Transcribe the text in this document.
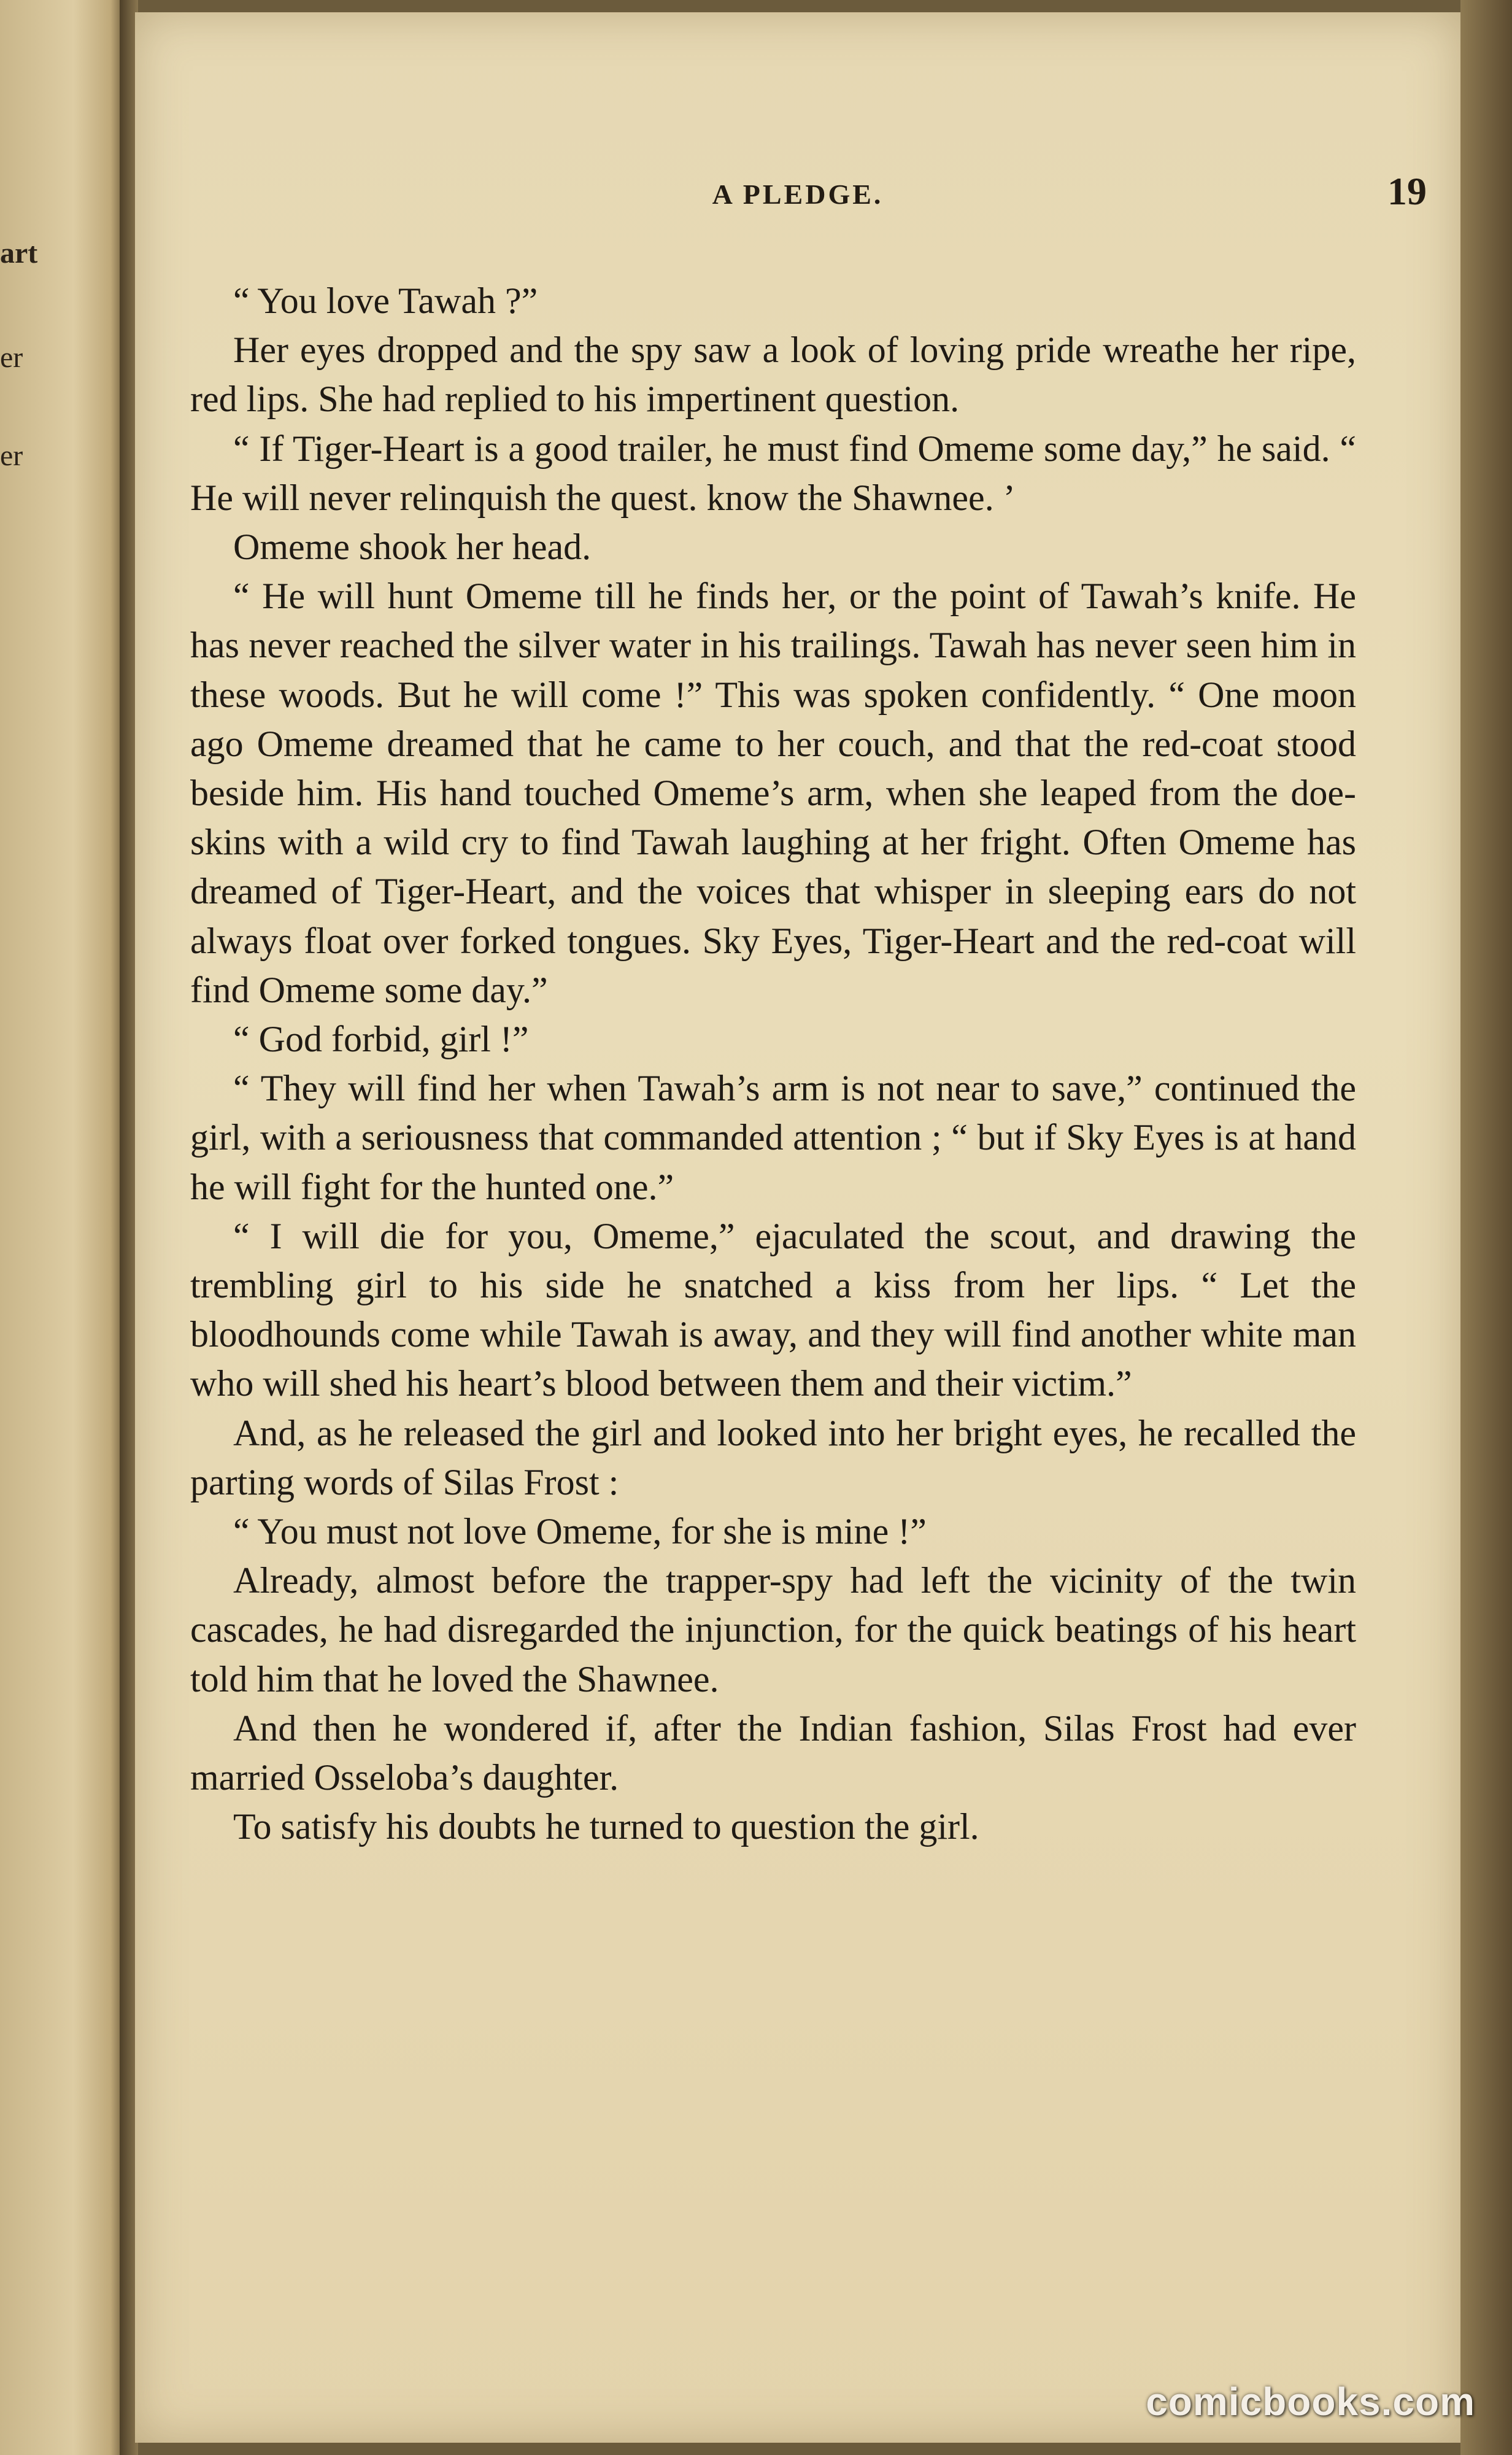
art
er
er
A PLEDGE.	19

“ You love Tawah ?”

Her eyes dropped and the spy saw a look of loving pride wreathe her ripe, red lips. She had replied to his impertinent question.

“ If Tiger-Heart is a good trailer, he must find Omeme some day,” he said. “ He will never relinquish the quest. know the Shawnee. ’

Omeme shook her head.

“ He will hunt Omeme till he finds her, or the point of Tawah’s knife. He has never reached the silver water in his trailings. Tawah has never seen him in these woods. But he will come !” This was spoken confidently. “ One moon ago Omeme dreamed that he came to her couch, and that the red-coat stood beside him. His hand touched Omeme’s arm, when she leaped from the doe-skins with a wild cry to find Tawah laughing at her fright. Often Omeme has dreamed of Tiger-Heart, and the voices that whisper in sleeping ears do not always float over forked tongues. Sky Eyes, Tiger-Heart and the red-coat will find Omeme some day.”

“ God forbid, girl !”

“ They will find her when Tawah’s arm is not near to save,” continued the girl, with a seriousness that commanded attention ; “ but if Sky Eyes is at hand he will fight for the hunted one.”

“ I will die for you, Omeme,” ejaculated the scout, and drawing the trembling girl to his side he snatched a kiss from her lips. “ Let the bloodhounds come while Tawah is away, and they will find another white man who will shed his heart’s blood between them and their victim.”

And, as he released the girl and looked into her bright eyes, he recalled the parting words of Silas Frost :

“ You must not love Omeme, for she is mine !”

Already, almost before the trapper-spy had left the vicinity of the twin cascades, he had disregarded the injunction, for the quick beatings of his heart told him that he loved the Shawnee.

And then he wondered if, after the Indian fashion, Silas Frost had ever married Osseloba’s daughter.

To satisfy his doubts he turned to question the girl.

comicbooks.com
